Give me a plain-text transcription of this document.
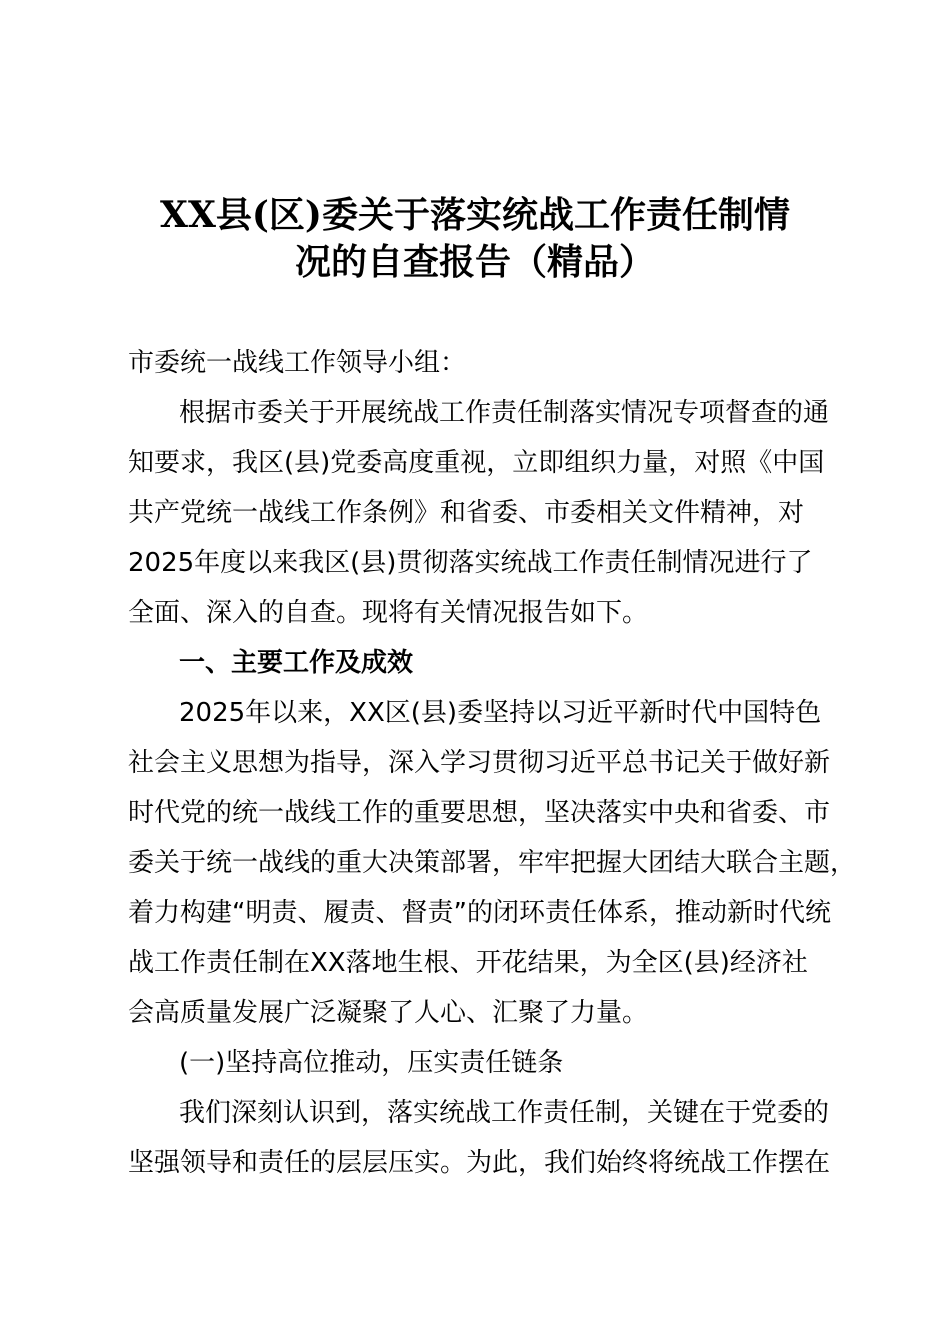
XX县(区)委关于落实统战工作责任制情
况的自查报告（精品）
市委统一战线工作领导小组：
根据市委关于开展统战工作责任制落实情况专项督查的通
知要求，我区(县)党委高度重视，立即组织力量，对照《中国
共产党统一战线工作条例》和省委、市委相关文件精神，对
2025年度以来我区(县)贯彻落实统战工作责任制情况进行了
全面、深入的自查。现将有关情况报告如下。
一、主要工作及成效
2025年以来，XX区(县)委坚持以习近平新时代中国特色
社会主义思想为指导，深入学习贯彻习近平总书记关于做好新
时代党的统一战线工作的重要思想，坚决落实中央和省委、市
委关于统一战线的重大决策部署，牢牢把握大团结大联合主题，
着力构建“明责、履责、督责”的闭环责任体系，推动新时代统
战工作责任制在XX落地生根、开花结果，为全区(县)经济社
会高质量发展广泛凝聚了人心、汇聚了力量。
(一)坚持高位推动，压实责任链条
我们深刻认识到，落实统战工作责任制，关键在于党委的
坚强领导和责任的层层压实。为此，我们始终将统战工作摆在
